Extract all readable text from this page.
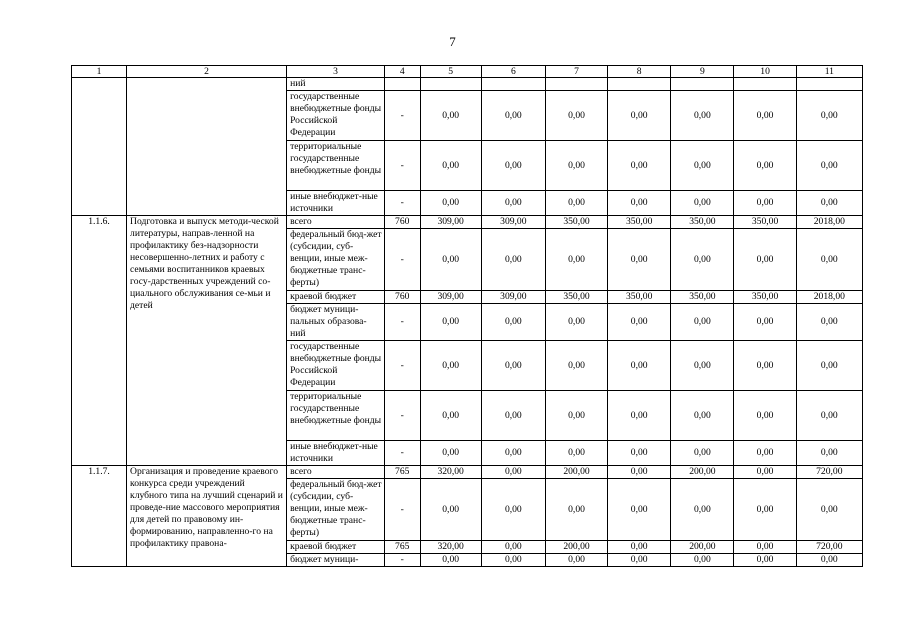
7
1	2	3	4	5	6	7	8	9	10	11
		ний								
		государственные внебюджетные фонды Российской Федерации	-	0,00	0,00	0,00	0,00	0,00	0,00	0,00
		территориальные государственные внебюджетные фонды	-	0,00	0,00	0,00	0,00	0,00	0,00	0,00
		иные внебюджет-ные источники	-	0,00	0,00	0,00	0,00	0,00	0,00	0,00
1.1.6.	Подготовка и выпуск методи-ческой литературы, направ-ленной на профилактику без-надзорности несовершенно-летних и работу с семьями воспитанников краевых госу-дарственных учреждений со-циального обслуживания се-мьи и детей	всего	760	309,00	309,00	350,00	350,00	350,00	350,00	2018,00
		федеральный бюд-жет (субсидии, суб-венции, иные меж-бюджетные транс-ферты)	-	0,00	0,00	0,00	0,00	0,00	0,00	0,00
		краевой бюджет	760	309,00	309,00	350,00	350,00	350,00	350,00	2018,00
		бюджет муници-пальных образова-ний	-	0,00	0,00	0,00	0,00	0,00	0,00	0,00
		государственные внебюджетные фонды Российской Федерации	-	0,00	0,00	0,00	0,00	0,00	0,00	0,00
		территориальные государственные внебюджетные фонды	-	0,00	0,00	0,00	0,00	0,00	0,00	0,00
		иные внебюджет-ные источники	-	0,00	0,00	0,00	0,00	0,00	0,00	0,00
1.1.7.	Организация и проведение краевого конкурса среди учреждений клубного типа на лучший сценарий и проведе-ние массового мероприятия для детей по правовому ин-формированию, направленно-го на профилактику правона-	всего	765	320,00	0,00	200,00	0,00	200,00	0,00	720,00
		федеральный бюд-жет (субсидии, суб-венции, иные меж-бюджетные транс-ферты)	-	0,00	0,00	0,00	0,00	0,00	0,00	0,00
		краевой бюджет	765	320,00	0,00	200,00	0,00	200,00	0,00	720,00
		бюджет муници-	-	0,00	0,00	0,00	0,00	0,00	0,00	0,00
